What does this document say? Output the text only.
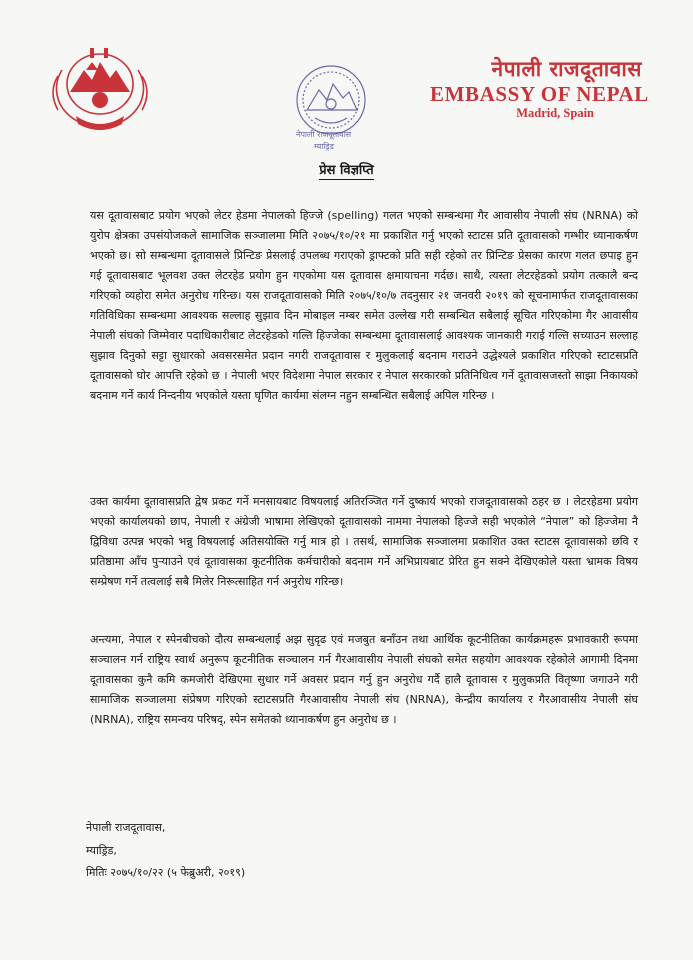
नेपाली राजदूतावास
म्याड्रिड
नेपाली राजदूतावास
EMBASSY OF NEPAL
Madrid, Spain
प्रेस विज्ञप्ति

यस दूतावासबाट प्रयोग भएको लेटर हेडमा नेपालको हिज्जे (spelling) गलत भएको सम्बन्धमा गैर आवासीय नेपाली संघ (NRNA) को युरोप क्षेत्रका उपसंयोजकले सामाजिक सञ्जालमा मिति २०७५/१०/२१ मा प्रकाशित गर्नु भएको स्टाटस प्रति दूतावासको गम्भीर ध्यानाकर्षण भएको छ। सो सम्बन्धमा दूतावासले प्रिन्टिङ प्रेसलाई उपलब्ध गराएको ड्राफ्टको प्रति सही रहेको तर प्रिन्टिङ प्रेसका कारण गलत छपाइ हुन गई दूतावासबाट भूलवश उक्त लेटरहेड प्रयोग हुन गएकोमा यस दूतावास क्षमायाचना गर्दछ। साथै, त्यस्ता लेटरहेडको प्रयोग तत्कालै बन्द गरिएको व्यहोरा समेत अनुरोध गरिन्छ। यस राजदूतावासको मिति २०७५/१०/७ तदनुसार २१ जनवरी २०१९ को सूचनामार्फत राजदूतावासका गतिविधिका सम्बन्धमा आवश्यक सल्लाह सुझाव दिन मोबाइल नम्बर समेत उल्लेख गरी सम्बन्धित सबैलाई सूचित गरिएकोमा गैर आवासीय नेपाली संघको जिम्मेवार पदाधिकारीबाट लेटरहेडको गल्ति हिज्जेका सम्बन्धमा दूतावासलाई आवश्यक जानकारी गराई गल्ति सच्याउन सल्लाह सुझाव दिनुको सट्टा सुधारको अवसरसमेत प्रदान नगरी राजदूतावास र मुलुकलाई बदनाम गराउने उद्धेश्यले प्रकाशित गरिएको स्टाटसप्रति दूतावासको घोर आपत्ति रहेको छ । नेपाली भएर विदेशमा नेपाल सरकार र नेपाल सरकारको प्रतिनिधित्व गर्ने दूतावासजस्तो साझा निकायको बदनाम गर्ने कार्य निन्दनीय भएकोले यस्ता घृणित कार्यमा संलग्न नहुन सम्बन्धित सबैलाई अपिल गरिन्छ ।

उक्त कार्यमा दूतावासप्रति द्वेष प्रकट गर्ने मनसायबाट विषयलाई अतिरञ्जित गर्ने दुष्कार्य भएको राजदूतावासको ठहर छ । लेटरहेडमा प्रयोग भएको कार्यालयको छाप, नेपाली र अंग्रेजी भाषामा लेखिएको दूतावासको नाममा नेपालको हिज्जे सही भएकोले “नेपाल” को हिज्जेमा नै द्विविधा उत्पन्न भएको भन्नु विषयलाई अतिसयोक्ति गर्नु मात्र हो । तसर्थ, सामाजिक सञ्जालमा प्रकाशित उक्त स्टाटस दूतावासको छवि र प्रतिष्ठामा आँच पुर्‍याउने एवं दूतावासका कूटनीतिक कर्मचारीको बदनाम गर्ने अभिप्रायबाट प्रेरित हुन सक्ने देखिएकोले यस्ता भ्रामक विषय सम्प्रेषण गर्ने तत्वलाई सबै मिलेर निरूत्साहित गर्न अनुरोध गरिन्छ।

अन्त्यमा, नेपाल र स्पेनबीचको दौत्य सम्बन्धलाई अझ सुदृढ एवं मजबुत बनाँउन तथा आर्थिक कूटनीतिका कार्यक्रमहरू प्रभावकारी रूपमा सञ्चालन गर्न राष्ट्रिय स्वार्थ अनुरूप कूटनीतिक सञ्चालन गर्न गैरआवासीय नेपाली संघको समेत सहयोग आवश्यक रहेकोले आगामी दिनमा दूतावासका कुनै कमि कमजोरी देखिएमा सुधार गर्ने अवसर प्रदान गर्नु हुन अनुरोध गर्दै हालै दूतावास र मुलुकप्रति वितृष्णा जगाउने गरी सामाजिक सञ्जालमा संप्रेषण गरिएको स्टाटसप्रति गैरआवासीय नेपाली संघ (NRNA), केन्द्रीय कार्यालय र गैरआवासीय नेपाली संघ (NRNA), राष्ट्रिय समन्वय परिषद्, स्पेन समेतको ध्यानाकर्षण हुन अनुरोध छ ।

नेपाली राजदूतावास,
म्याड्रिड,
मितिः २०७५/१०/२२ (५ फेब्रुअरी, २०१९)
